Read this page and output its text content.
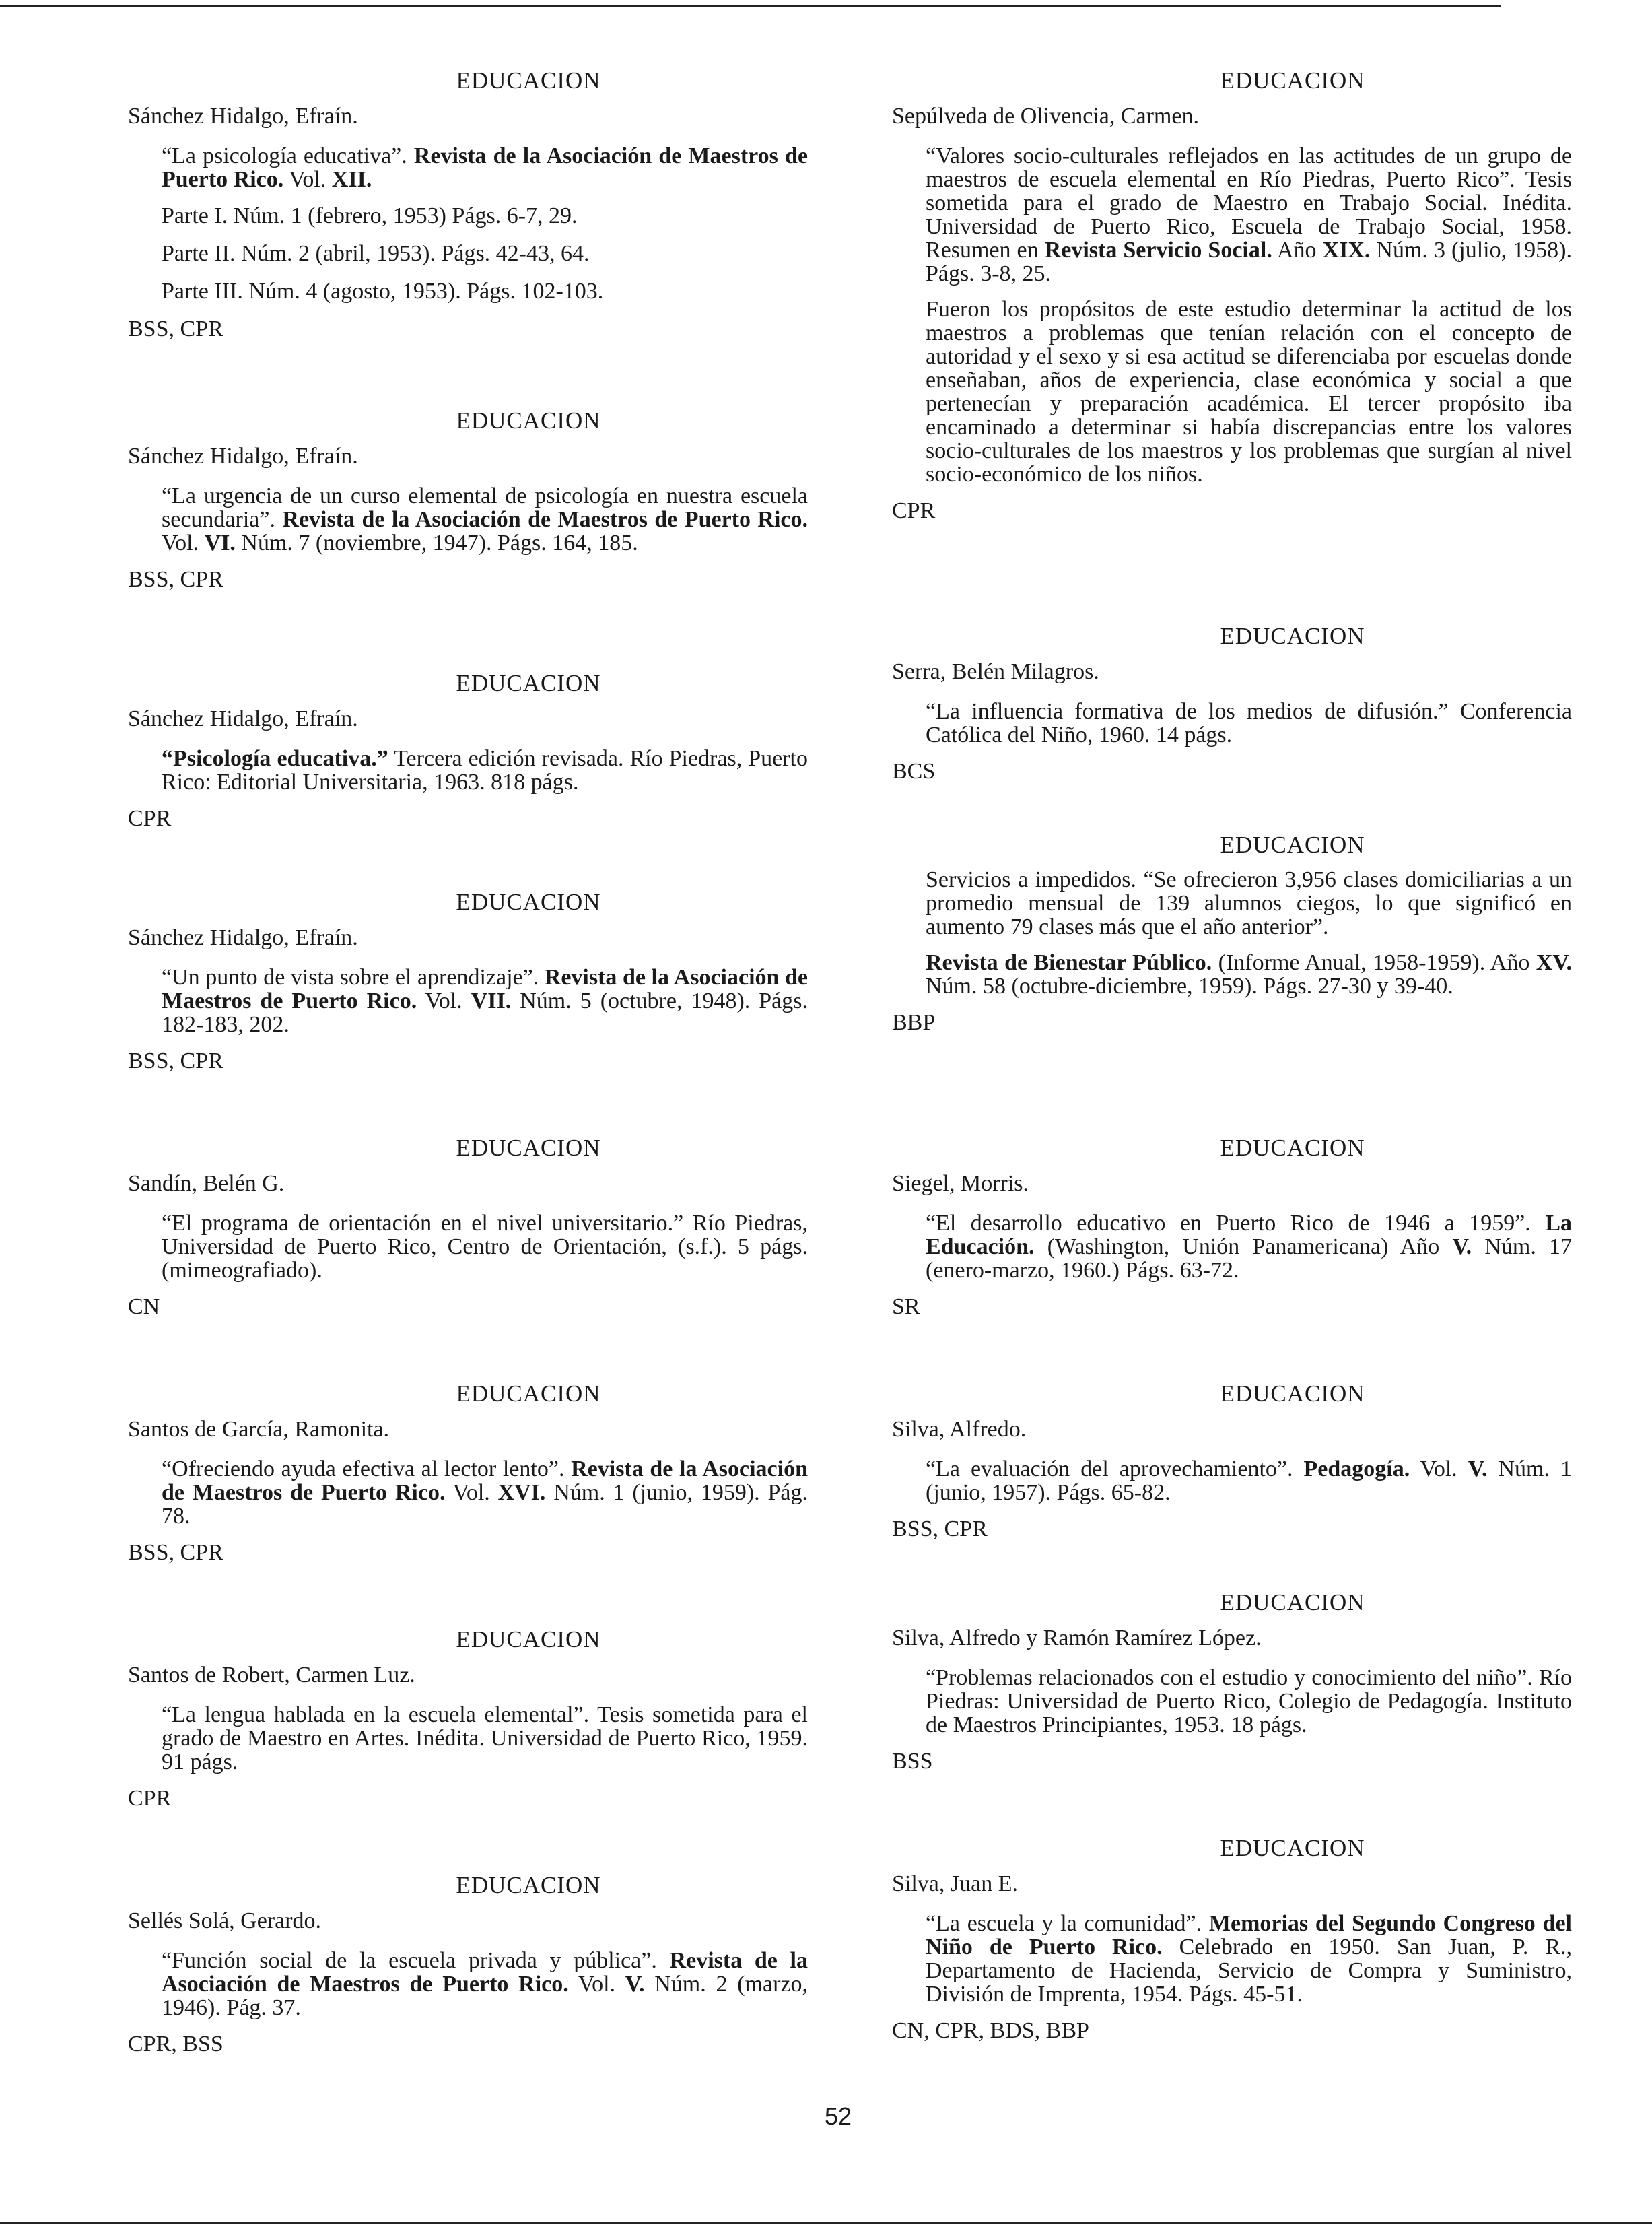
EDUCACION
Sánchez Hidalgo, Efraín.
“La psicología educativa”. Revista de la Asociación de Maestros de Puerto Rico. Vol. XII.
Parte I. Núm. 1 (febrero, 1953) Págs. 6-7, 29.
Parte II. Núm. 2 (abril, 1953). Págs. 42-43, 64.
Parte III. Núm. 4 (agosto, 1953). Págs. 102-103.
BSS, CPR
EDUCACION
Sánchez Hidalgo, Efraín.
“La urgencia de un curso elemental de psicología en nuestra escuela secundaria”. Revista de la Asociación de Maestros de Puerto Rico. Vol. VI. Núm. 7 (noviembre, 1947). Págs. 164, 185.
BSS, CPR
EDUCACION
Sánchez Hidalgo, Efraín.
“Psicología educativa.” Tercera edición revisada. Río Piedras, Puerto Rico: Editorial Universitaria, 1963. 818 págs.
CPR
EDUCACION
Sánchez Hidalgo, Efraín.
“Un punto de vista sobre el aprendizaje”. Revista de la Asociación de Maestros de Puerto Rico. Vol. VII. Núm. 5 (octubre, 1948). Págs. 182-183, 202.
BSS, CPR
EDUCACION
Sandín, Belén G.
“El programa de orientación en el nivel universitario.” Río Piedras, Universidad de Puerto Rico, Centro de Orientación, (s.f.). 5 págs. (mimeografiado).
CN
EDUCACION
Santos de García, Ramonita.
“Ofreciendo ayuda efectiva al lector lento”. Revista de la Asociación de Maestros de Puerto Rico. Vol. XVI. Núm. 1 (junio, 1959). Pág. 78.
BSS, CPR
EDUCACION
Santos de Robert, Carmen Luz.
“La lengua hablada en la escuela elemental”. Tesis sometida para el grado de Maestro en Artes. Inédita. Universidad de Puerto Rico, 1959. 91 págs.
CPR
EDUCACION
Sellés Solá, Gerardo.
“Función social de la escuela privada y pública”. Revista de la Asociación de Maestros de Puerto Rico. Vol. V. Núm. 2 (marzo, 1946). Pág. 37.
CPR, BSS
EDUCACION
Sepúlveda de Olivencia, Carmen.
“Valores socio-culturales reflejados en las actitudes de un grupo de maestros de escuela elemental en Río Piedras, Puerto Rico”. Tesis sometida para el grado de Maestro en Trabajo Social. Inédita. Universidad de Puerto Rico, Escuela de Trabajo Social, 1958. Resumen en Revista Servicio Social. Año XIX. Núm. 3 (julio, 1958). Págs. 3-8, 25.
Fueron los propósitos de este estudio determinar la actitud de los maestros a problemas que tenían relación con el concepto de autoridad y el sexo y si esa actitud se diferenciaba por escuelas donde enseñaban, años de experiencia, clase económica y social a que pertenecían y preparación académica. El tercer propósito iba encaminado a determinar si había discrepancias entre los valores socio-culturales de los maestros y los problemas que surgían al nivel socio-económico de los niños.
CPR
EDUCACION
Serra, Belén Milagros.
“La influencia formativa de los medios de difusión.” Conferencia Católica del Niño, 1960. 14 págs.
BCS
EDUCACION
Servicios a impedidos. “Se ofrecieron 3,956 clases domiciliarias a un promedio mensual de 139 alumnos ciegos, lo que significó en aumento 79 clases más que el año anterior”.
Revista de Bienestar Público. (Informe Anual, 1958-1959). Año XV. Núm. 58 (octubre-diciembre, 1959). Págs. 27-30 y 39-40.
BBP
EDUCACION
Siegel, Morris.
“El desarrollo educativo en Puerto Rico de 1946 a 1959”. La Educación. (Washington, Unión Panamericana) Año V. Núm. 17 (enero-marzo, 1960.) Págs. 63-72.
SR
EDUCACION
Silva, Alfredo.
“La evaluación del aprovechamiento”. Pedagogía. Vol. V. Núm. 1 (junio, 1957). Págs. 65-82.
BSS, CPR
EDUCACION
Silva, Alfredo y Ramón Ramírez López.
“Problemas relacionados con el estudio y conocimiento del niño”. Río Piedras: Universidad de Puerto Rico, Colegio de Pedagogía. Instituto de Maestros Principiantes, 1953. 18 págs.
BSS
EDUCACION
Silva, Juan E.
“La escuela y la comunidad”. Memorias del Segundo Congreso del Niño de Puerto Rico. Celebrado en 1950. San Juan, P. R., Departamento de Hacienda, Servicio de Compra y Suministro, División de Imprenta, 1954. Págs. 45-51.
CN, CPR, BDS, BBP
52
